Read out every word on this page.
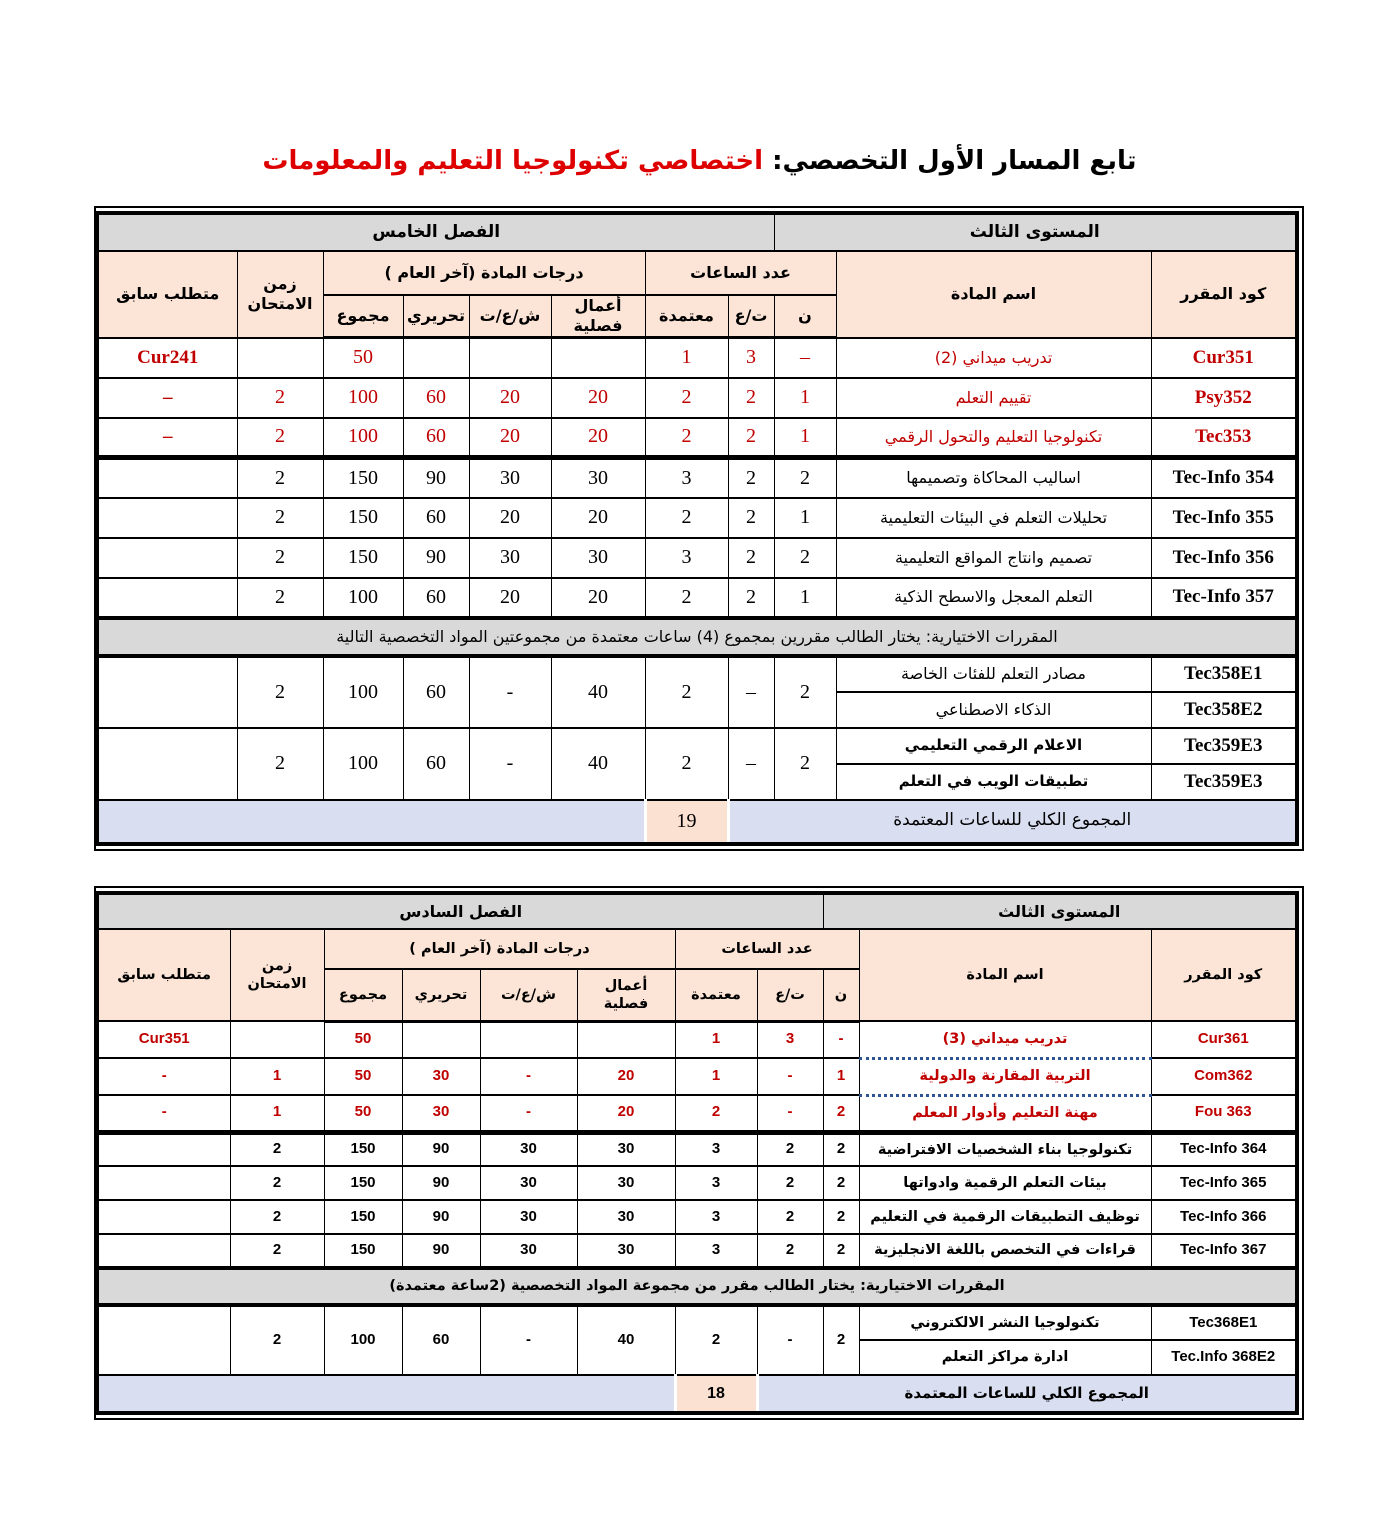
تابع المسار الأول التخصصي: اختصاصي تكنولوجيا التعليم والمعلومات
المستوى الثالث			الفصل الخامس							
كود المقرر	اسم المادة	عدد الساعات			درجات المادة (آخر العام )				زمن الامتحان	متطلب سابق
		ن	ت/ع	معتمدة	أعمال فصلية	ش/ع/ت	تحريري	مجموع		
Cur351	تدريب ميداني (2)	–	3	1				50		Cur241
Psy352	تقييم التعلم	1	2	2	20	20	60	100	2	–
Tec353	تكنولوجيا التعليم والتحول الرقمي	1	2	2	20	20	60	100	2	–
Tec-Info 354	اساليب المحاكاة وتصميمها	2	2	3	30	30	90	150	2	
Tec-Info 355	تحليلات التعلم في البيئات التعليمية	1	2	2	20	20	60	150	2	
Tec-Info 356	تصميم وانتاج المواقع التعليمية	2	2	3	30	30	90	150	2	
Tec-Info 357	التعلم المعجل والاسطح الذكية	1	2	2	20	20	60	100	2	
المقررات الاختيارية: يختار الطالب مقررين بمجموع (4) ساعات معتمدة من مجموعتين المواد التخصصية التالية										
Tec358E1	مصادر التعلم للفئات الخاصة	2	–	2	40	-	60	100	2	
Tec358E2	الذكاء الاصطناعي									
Tec359E3	الاعلام الرقمي التعليمي	2	–	2	40	-	60	100	2	
Tec359E3	تطبيقات الويب في التعلم									
المجموع الكلي للساعات المعتمدة				19						
المستوى الثالث			الفصل السادس							
كود المقرر	اسم المادة	عدد الساعات			درجات المادة (آخر العام )				زمن الامتحان	متطلب سابق
		ن	ت/ع	معتمدة	أعمال فصلية	ش/ع/ت	تحريري	مجموع		
Cur361	تدريب ميداني (3)	-	3	1				50		Cur351
Com362	التربية المقارنة والدولية	1	-	1	20	-	30	50	1	-
Fou 363	مهنة التعليم وأدوار المعلم	2	-	2	20	-	30	50	1	-
Tec-Info 364	تكنولوجيا بناء الشخصيات الافتراضية	2	2	3	30	30	90	150	2	
Tec-Info 365	بيئات التعلم الرقمية وادواتها	2	2	3	30	30	90	150	2	
Tec-Info 366	توظيف التطبيقات الرقمية في التعليم	2	2	3	30	30	90	150	2	
Tec-Info 367	قراءات في التخصص باللغة الانجليزية	2	2	3	30	30	90	150	2	
المقررات الاختيارية: يختار الطالب مقرر من مجموعة المواد التخصصية (2ساعة معتمدة)										
Tec368E1	تكنولوجيا النشر الالكتروني	2	-	2	40	-	60	100	2	
Tec.Info 368E2	ادارة مراكز التعلم									
المجموع الكلي للساعات المعتمدة				18						
